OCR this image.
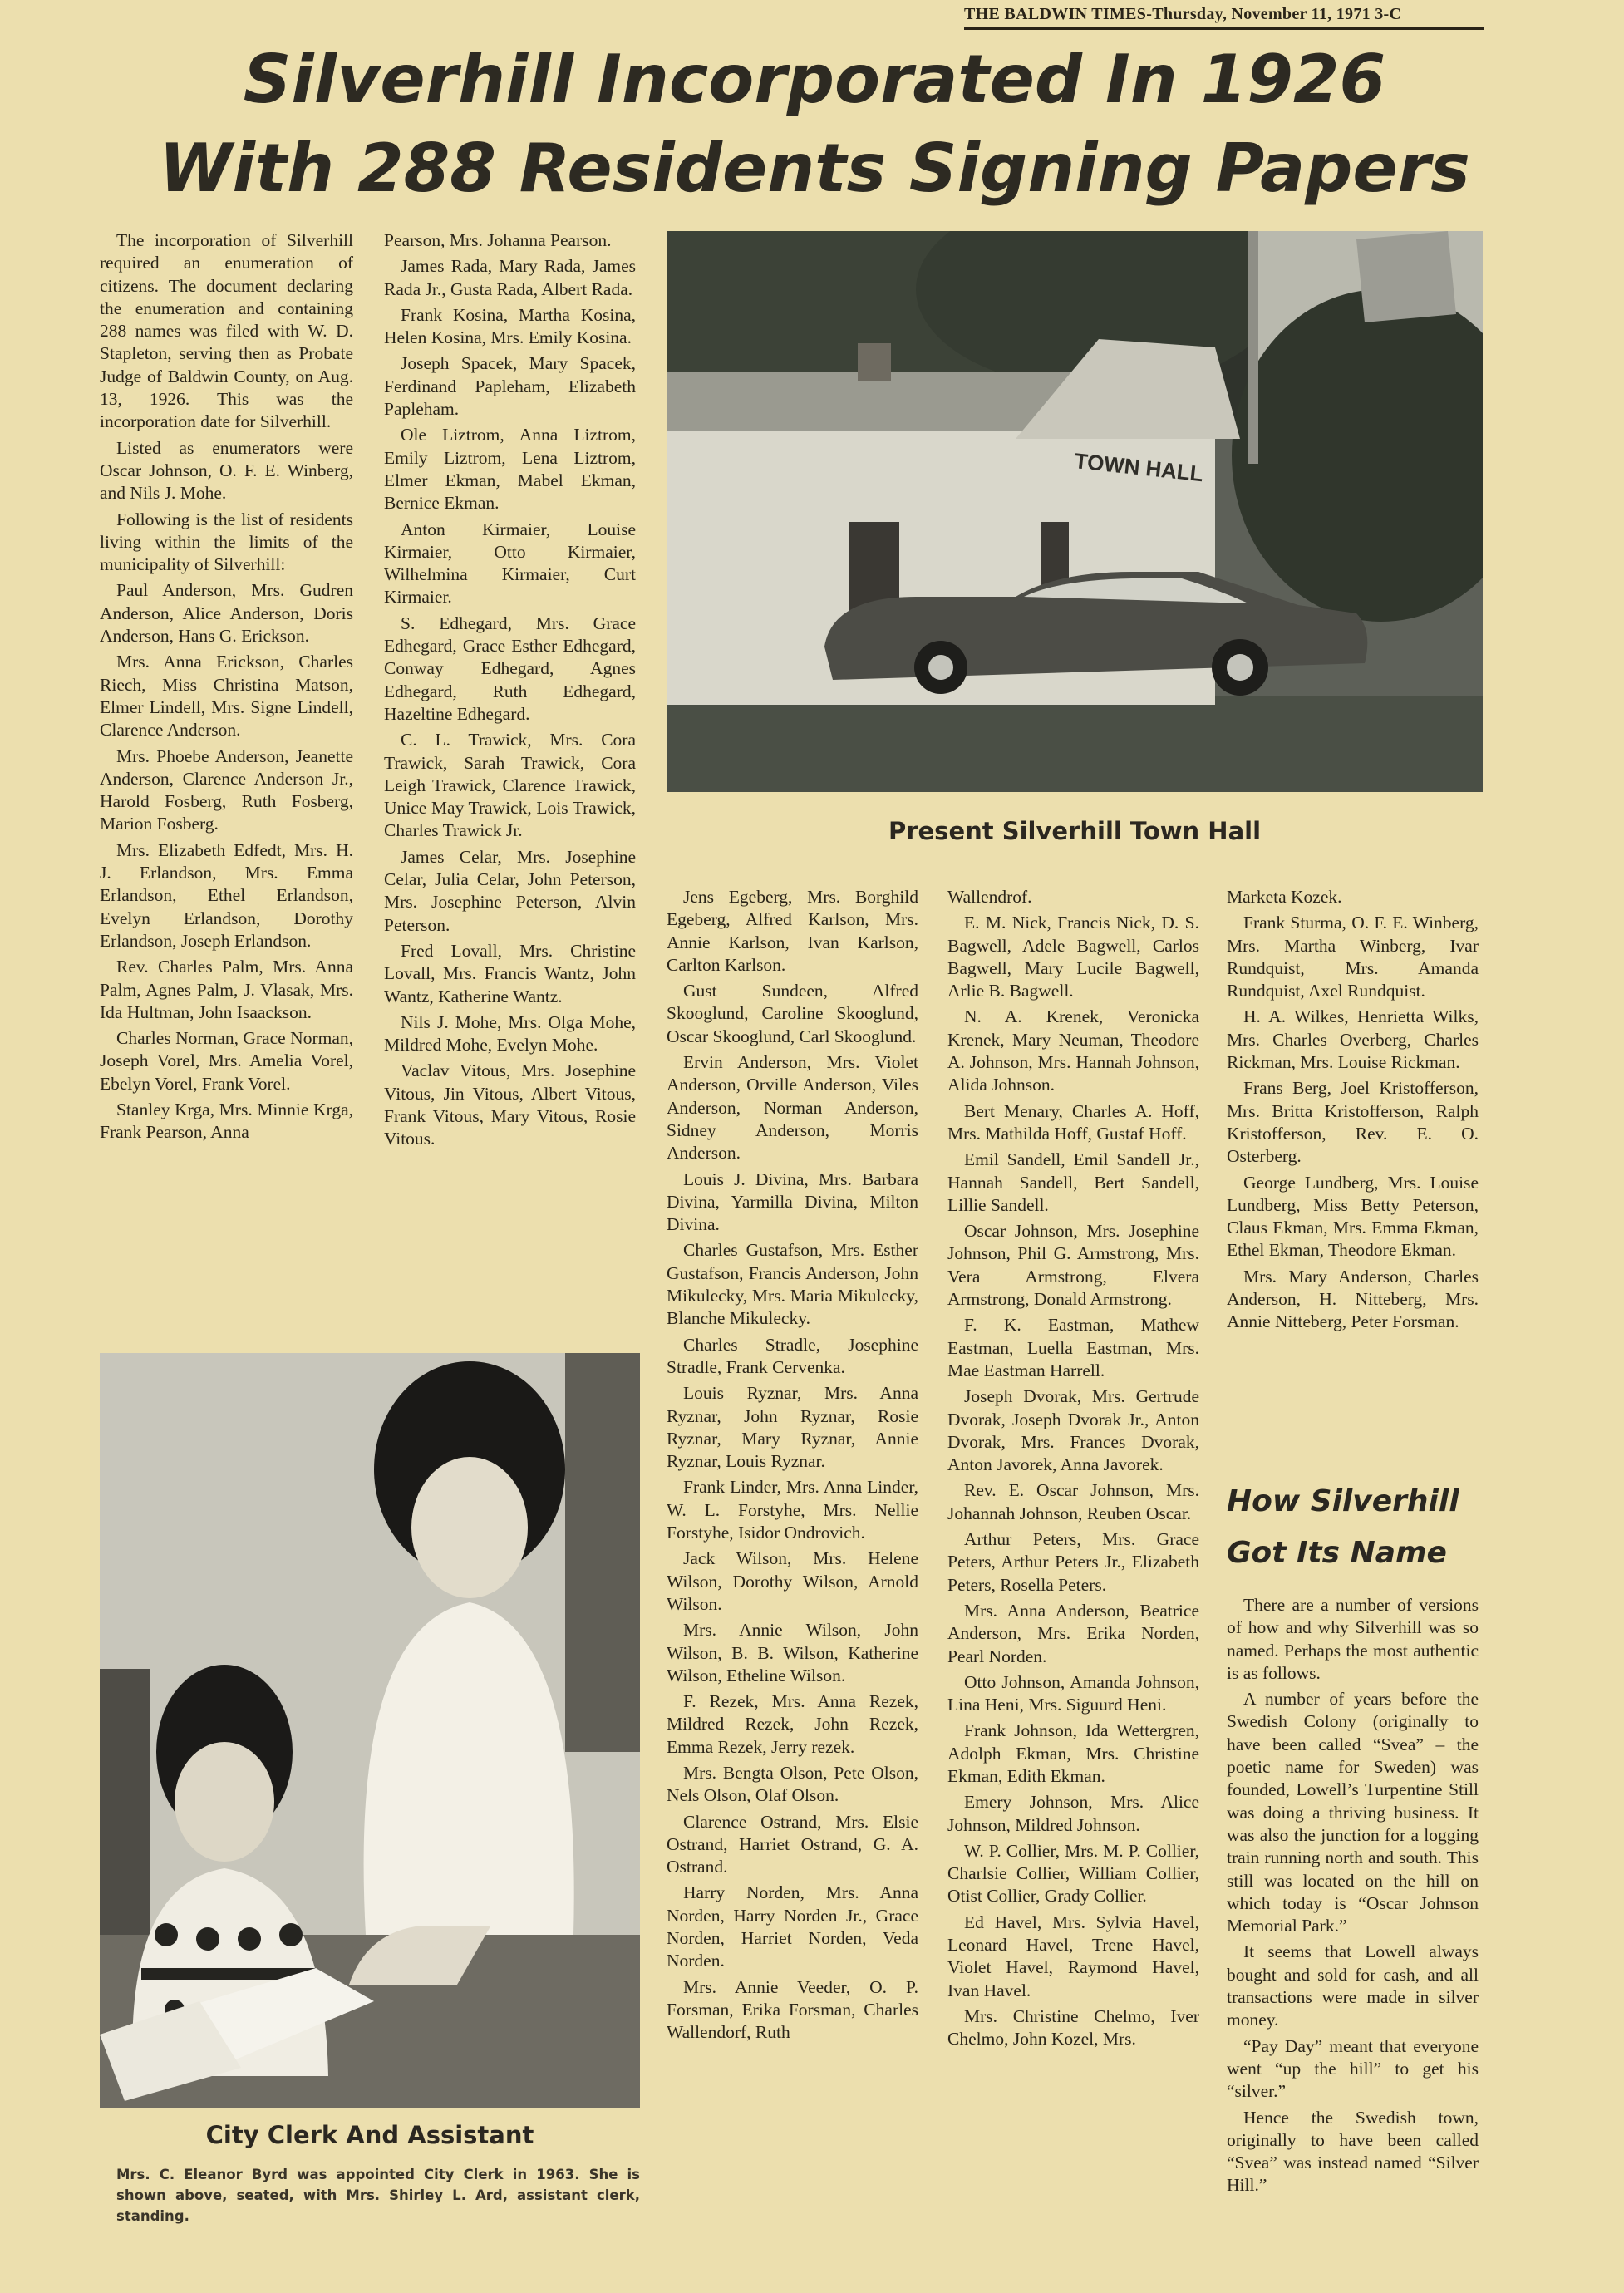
THE BALDWIN TIMES-Thursday, November 11, 1971 3-C
Silverhill Incorporated In 1926
With 288 Residents Signing Papers

The incorporation of Silverhill required an enumeration of citizens. The document declaring the enumeration and containing 288 names was filed with W. D. Stapleton, serving then as Probate Judge of Baldwin County, on Aug. 13, 1926. This was the incorporation date for Silverhill.

Listed as enumerators were Oscar Johnson, O. F. E. Winberg, and Nils J. Mohe.

Following is the list of residents living within the limits of the municipality of Silverhill:

Paul Anderson, Mrs. Gudren Anderson, Alice Anderson, Doris Anderson, Hans G. Erickson.

Mrs. Anna Erickson, Charles Riech, Miss Christina Matson, Elmer Lindell, Mrs. Signe Lindell, Clarence Anderson.

Mrs. Phoebe Anderson, Jeanette Anderson, Clarence Anderson Jr., Harold Fosberg, Ruth Fosberg, Marion Fosberg.

Mrs. Elizabeth Edfedt, Mrs. H. J. Erlandson, Mrs. Emma Erlandson, Ethel Erlandson, Evelyn Erlandson, Dorothy Erlandson, Joseph Erlandson.

Rev. Charles Palm, Mrs. Anna Palm, Agnes Palm, J. Vlasak, Mrs. Ida Hultman, John Isaackson.

Charles Norman, Grace Norman, Joseph Vorel, Mrs. Amelia Vorel, Ebelyn Vorel, Frank Vorel.

Stanley Krga, Mrs. Minnie Krga, Frank Pearson, Anna

Pearson, Mrs. Johanna Pearson.

James Rada, Mary Rada, James Rada Jr., Gusta Rada, Albert Rada.

Frank Kosina, Martha Kosina, Helen Kosina, Mrs. Emily Kosina.

Joseph Spacek, Mary Spacek, Ferdinand Papleham, Elizabeth Papleham.

Ole Liztrom, Anna Liztrom, Emily Liztrom, Lena Liztrom, Elmer Ekman, Mabel Ekman, Bernice Ekman.

Anton Kirmaier, Louise Kirmaier, Otto Kirmaier, Wilhelmina Kirmaier, Curt Kirmaier.

S. Edhegard, Mrs. Grace Edhegard, Grace Esther Edhegard, Conway Edhegard, Agnes Edhegard, Ruth Edhegard, Hazeltine Edhegard.

C. L. Trawick, Mrs. Cora Trawick, Sarah Trawick, Cora Leigh Trawick, Clarence Trawick, Unice May Trawick, Lois Trawick, Charles Trawick Jr.

James Celar, Mrs. Josephine Celar, Julia Celar, John Peterson, Mrs. Josephine Peterson, Alvin Peterson.

Fred Lovall, Mrs. Christine Lovall, Mrs. Francis Wantz, John Wantz, Katherine Wantz.

Nils J. Mohe, Mrs. Olga Mohe, Mildred Mohe, Evelyn Mohe.

Vaclav Vitous, Mrs. Josephine Vitous, Jin Vitous, Albert Vitous, Frank Vitous, Mary Vitous, Rosie Vitous.

TOWN HALL
Present Silverhill Town Hall

Jens Egeberg, Mrs. Borghild Egeberg, Alfred Karlson, Mrs. Annie Karlson, Ivan Karlson, Carlton Karlson.

Gust Sundeen, Alfred Skooglund, Caroline Skooglund, Oscar Skooglund, Carl Skooglund.

Ervin Anderson, Mrs. Violet Anderson, Orville Anderson, Viles Anderson, Norman Anderson, Sidney Anderson, Morris Anderson.

Louis J. Divina, Mrs. Barbara Divina, Yarmilla Divina, Milton Divina.

Charles Gustafson, Mrs. Esther Gustafson, Francis Anderson, John Mikulecky, Mrs. Maria Mikulecky, Blanche Mikulecky.

Charles Stradle, Josephine Stradle, Frank Cervenka.

Louis Ryznar, Mrs. Anna Ryznar, John Ryznar, Rosie Ryznar, Mary Ryznar, Annie Ryznar, Louis Ryznar.

Frank Linder, Mrs. Anna Linder, W. L. Forstyhe, Mrs. Nellie Forstyhe, Isidor Ondrovich.

Jack Wilson, Mrs. Helene Wilson, Dorothy Wilson, Arnold Wilson.

Mrs. Annie Wilson, John Wilson, B. B. Wilson, Katherine Wilson, Etheline Wilson.

F. Rezek, Mrs. Anna Rezek, Mildred Rezek, John Rezek, Emma Rezek, Jerry rezek.

Mrs. Bengta Olson, Pete Olson, Nels Olson, Olaf Olson.

Clarence Ostrand, Mrs. Elsie Ostrand, Harriet Ostrand, G. A. Ostrand.

Harry Norden, Mrs. Anna Norden, Harry Norden Jr., Grace Norden, Harriet Norden, Veda Norden.

Mrs. Annie Veeder, O. P. Forsman, Erika Forsman, Charles Wallendorf, Ruth

Wallendrof.

E. M. Nick, Francis Nick, D. S. Bagwell, Adele Bagwell, Carlos Bagwell, Mary Lucile Bagwell, Arlie B. Bagwell.

N. A. Krenek, Veronicka Krenek, Mary Neuman, Theodore A. Johnson, Mrs. Hannah Johnson, Alida Johnson.

Bert Menary, Charles A. Hoff, Mrs. Mathilda Hoff, Gustaf Hoff.

Emil Sandell, Emil Sandell Jr., Hannah Sandell, Bert Sandell, Lillie Sandell.

Oscar Johnson, Mrs. Josephine Johnson, Phil G. Armstrong, Mrs. Vera Armstrong, Elvera Armstrong, Donald Armstrong.

F. K. Eastman, Mathew Eastman, Luella Eastman, Mrs. Mae Eastman Harrell.

Joseph Dvorak, Mrs. Gertrude Dvorak, Joseph Dvorak Jr., Anton Dvorak, Mrs. Frances Dvorak, Anton Javorek, Anna Javorek.

Rev. E. Oscar Johnson, Mrs. Johannah Johnson, Reuben Oscar.

Arthur Peters, Mrs. Grace Peters, Arthur Peters Jr., Elizabeth Peters, Rosella Peters.

Mrs. Anna Anderson, Beatrice Anderson, Mrs. Erika Norden, Pearl Norden.

Otto Johnson, Amanda Johnson, Lina Heni, Mrs. Siguurd Heni.

Frank Johnson, Ida Wettergren, Adolph Ekman, Mrs. Christine Ekman, Edith Ekman.

Emery Johnson, Mrs. Alice Johnson, Mildred Johnson.

W. P. Collier, Mrs. M. P. Collier, Charlsie Collier, William Collier, Otist Collier, Grady Collier.

Ed Havel, Mrs. Sylvia Havel, Leonard Havel, Trene Havel, Violet Havel, Raymond Havel, Ivan Havel.

Mrs. Christine Chelmo, Iver Chelmo, John Kozel, Mrs.

Marketa Kozek.

Frank Sturma, O. F. E. Winberg, Mrs. Martha Winberg, Ivar Rundquist, Mrs. Amanda Rundquist, Axel Rundquist.

H. A. Wilkes, Henrietta Wilks, Mrs. Charles Overberg, Charles Rickman, Mrs. Louise Rickman.

Frans Berg, Joel Kristofferson, Mrs. Britta Kristofferson, Ralph Kristofferson, Rev. E. O. Osterberg.

George Lundberg, Mrs. Louise Lundberg, Miss Betty Peterson, Claus Ekman, Mrs. Emma Ekman, Ethel Ekman, Theodore Ekman.

Mrs. Mary Anderson, Charles Anderson, H. Nitteberg, Mrs. Annie Nitteberg, Peter Forsman.

How Silverhill
Got Its Name

There are a number of versions of how and why Silverhill was so named. Perhaps the most authentic is as follows.

A number of years before the Swedish Colony (originally to have been called “Svea” – the poetic name for Sweden) was founded, Lowell’s Turpentine Still was doing a thriving business. It was also the junction for a logging train running north and south. This still was located on the hill on which today is “Oscar Johnson Memorial Park.”

It seems that Lowell always bought and sold for cash, and all transactions were made in silver money.

“Pay Day” meant that everyone went “up the hill” to get his “silver.”

Hence the Swedish town, originally to have been called “Svea” was instead named “Silver Hill.”

City Clerk And Assistant
Mrs. C. Eleanor Byrd was appointed City Clerk in 1963. She is shown above, seated, with Mrs. Shirley L. Ard, assistant clerk, standing.
